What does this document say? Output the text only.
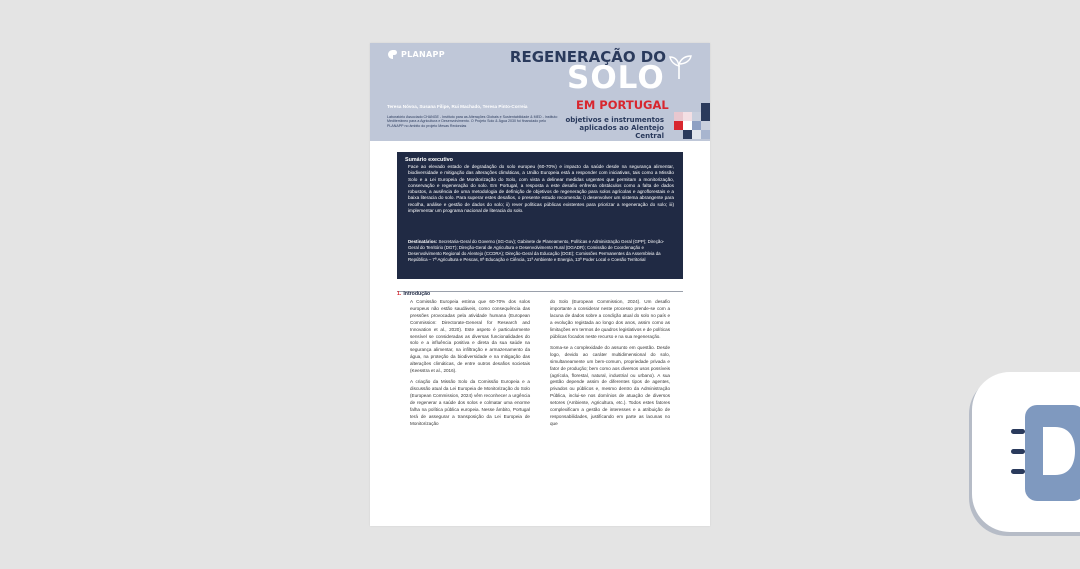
PLANAPP	REGENERAÇÃO DO
SOLO
EM PORTUGAL
objetivos e instrumentos aplicados ao Alentejo Central
Teresa Nóvoa, Susana Filipe, Rui Machado, Teresa Pinto-Correia
Laboratório Associado CHANGE - Instituto para as Alterações Globais e Sustentabilidade & MED - Instituto Mediterrâneo para a Agricultura e Desenvolvimento. O Projeto Solo & Água 2030 foi financiado pelo PLANAPP no âmbito do projeto Mesas Redondas
Sumário executivo

Face ao elevado estado de degradação do solo europeu (60-70%) e impacto da saúde desde na segurança alimentar, biodiversidade e mitigação das alterações climáticas, a União Europeia está a responder com iniciativas, tais como a Missão Solo e a Lei Europeia de Monitorização do Solo, com vista a delinear medidas urgentes que permitam a monitorização, conservação e regeneração do solo. Em Portugal, a resposta a este desafio enfrenta obstáculos como a falta de dados robustos, a ausência de uma metodologia de definição de objetivos de regeneração para solos agrícolas e agroflorestais e a baixa literacia do solo. Para superar estes desafios, o presente estudo recomenda: i) desenvolver um sistema abrangente para recolha, análise e gestão de dados do solo; ii) rever políticas públicas existentes para priorizar a regeneração do solo; iii) implementar um programa nacional de literacia do solo.

Destinatários: Secretaria-Geral do Governo (SG-Gov); Gabinete de Planeamento, Políticas e Administração Geral (GPP); Direção-Geral do Território (DGT); Direção-Geral de Agricultura e Desenvolvimento Rural (DGADR); Comissão de Coordenação e Desenvolvimento Regional do Alentejo (CCDRA); Direção-Geral da Educação (DGE); Comissões Permanentes da Assembleia da República – 7ª Agricultura e Pescas, 8ª Educação e Ciência, 11ª Ambiente e Energia, 13ª Poder Local e Coesão Territorial

1. Introdução

A Comissão Europeia estima que 60-70% dos solos europeus não estão saudáveis, como consequência das pressões provocadas pela atividade humana (European Commission: Directorate-General for Research and Innovation et al., 2020). Este aspeto é particularmente sensível se consideradas as diversas funcionalidades do solo e a influência positiva e direta da sua saúde na segurança alimentar, na infiltração e armazenamento da água, na proteção da biodiversidade e na mitigação das alterações climáticas, de entre outros desafios societais (Keesstra et al., 2016).

A criação da Missão Solo da Comissão Europeia e a discussão atual da Lei Europeia de Monitorização do Solo (European Commission, 2024) vêm reconhecer a urgência de regenerar a saúde dos solos e colmatar uma enorme falha na política pública europeia. Nesse âmbito, Portugal terá de assegurar a transposição da Lei Europeia de Monitorização

do Solo (European Commission, 2024). Um desafio importante a considerar neste processo prende-se com a lacuna de dados sobre a condição atual do solo no país e a evolução registada ao longo dos anos, assim como as limitações em termos de quadros legislativos e de políticas públicas focados neste recurso e na sua regeneração.

Soma-se a complexidade do assunto em questão. Desde logo, devido ao caráter multidimensional do solo, simultaneamente um bem-comum, propriedade privada e fator de produção; bem como aos diversos usos possíveis (agrícola, florestal, natural, industrial ou urbano). A sua gestão depende assim de diferentes tipos de agentes, privados ou públicos e, mesmo dentro da Administração Pública, inclui-se nos domínios de atuação de diversos setores (Ambiente, Agricultura, etc.). Todos estes fatores complexificam a gestão de interesses e a atribuição de responsabilidades, justificando em parte as lacunas no que
